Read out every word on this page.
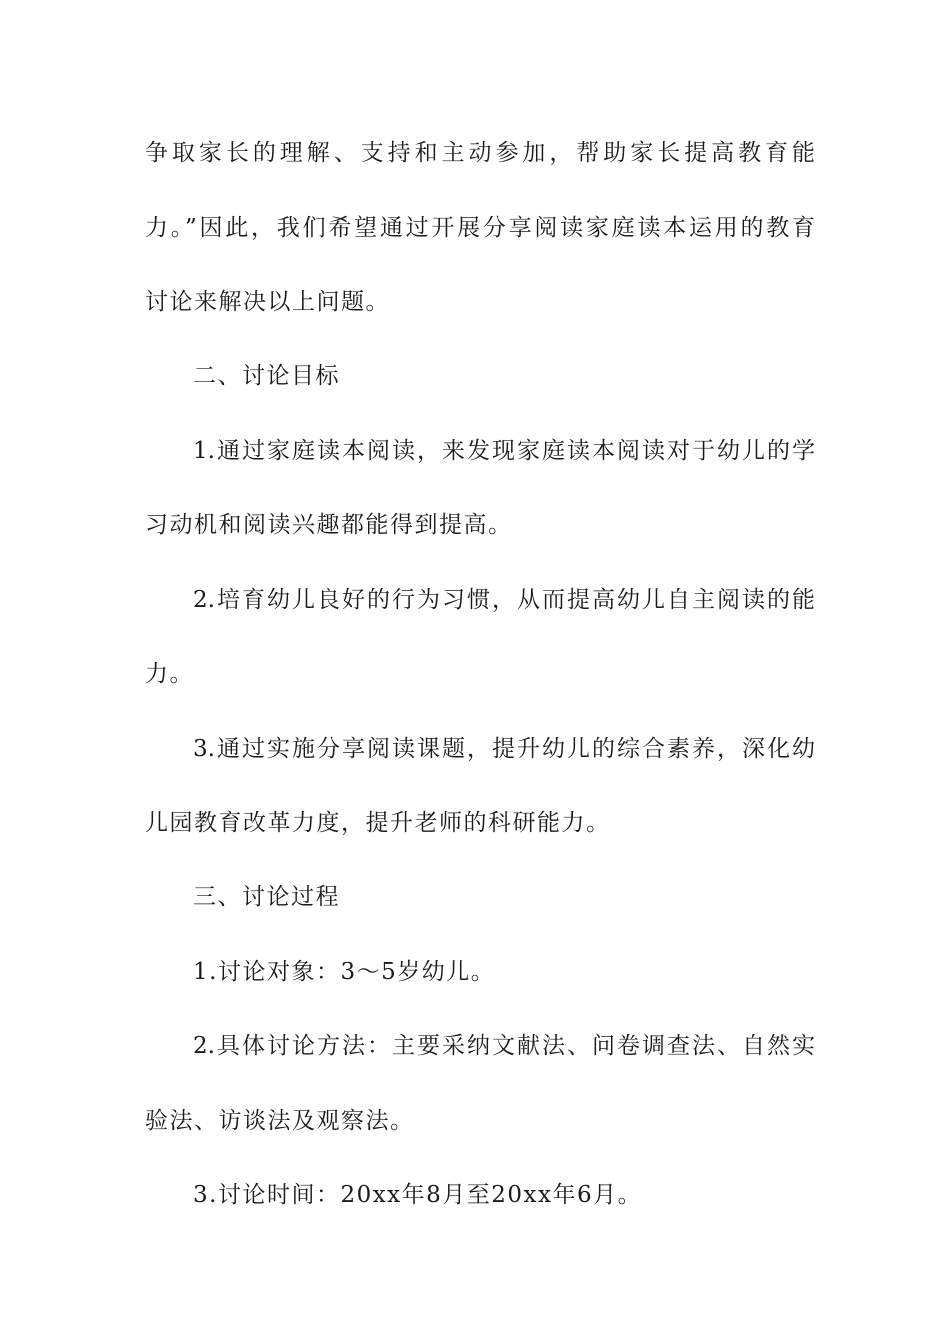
争取家长的理解、支持和主动参加，帮助家长提高教育能
力。”因此，我们希望通过开展分享阅读家庭读本运用的教育
讨论来解决以上问题。
二、讨论目标
1.通过家庭读本阅读，来发现家庭读本阅读对于幼儿的学
习动机和阅读兴趣都能得到提高。
2.培育幼儿良好的行为习惯，从而提高幼儿自主阅读的能
力。
3.通过实施分享阅读课题，提升幼儿的综合素养，深化幼
儿园教育改革力度，提升老师的科研能力。
三、讨论过程
1.讨论对象：3～5岁幼儿。
2.具体讨论方法：主要采纳文献法、问卷调查法、自然实
验法、访谈法及观察法。
3.讨论时间：20xx年8月至20xx年6月。
